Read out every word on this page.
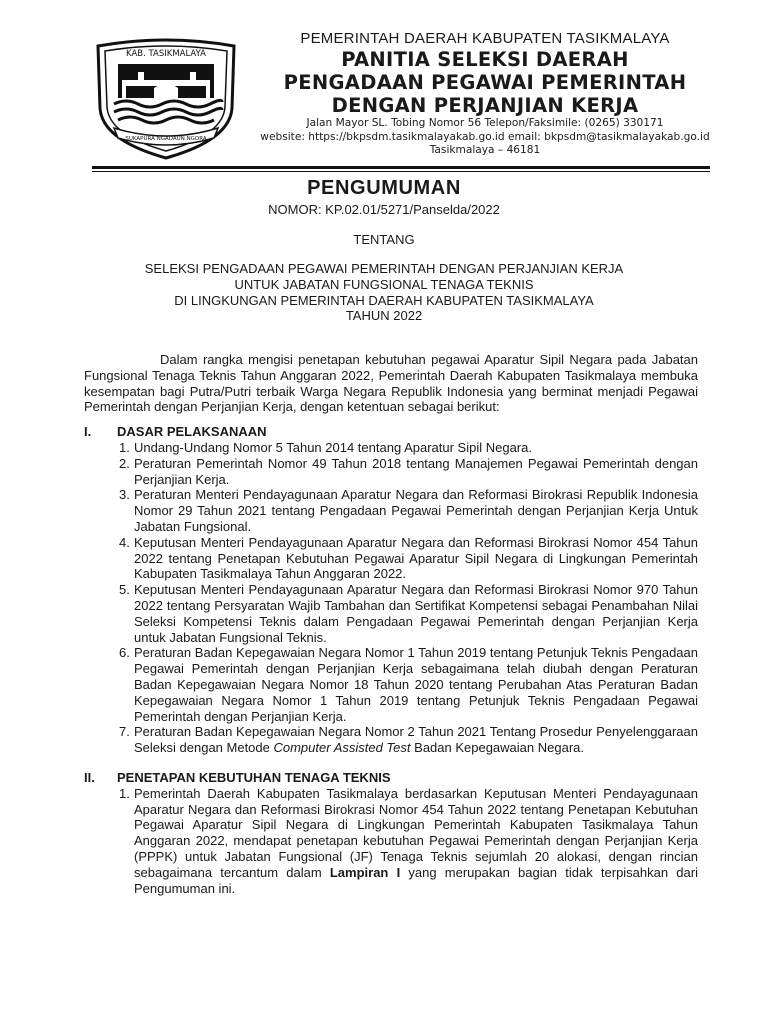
KAB. TASIKMALAYA
SUKAPURA NGADAUN NGORA
PEMERINTAH DAERAH KABUPATEN TASIKMALAYA
PANITIA SELEKSI DAERAH
PENGADAAN PEGAWAI PEMERINTAH
DENGAN PERJANJIAN KERJA
Jalan Mayor SL. Tobing Nomor 56 Telepon/Faksimile: (0265) 330171
website: https://bkpsdm.tasikmalayakab.go.id email: bkpsdm@tasikmalayakab.go.id
Tasikmalaya – 46181
PENGUMUMAN
NOMOR: KP.02.01/5271/Panselda/2022
TENTANG
SELEKSI PENGADAAN PEGAWAI PEMERINTAH DENGAN PERJANJIAN KERJA
UNTUK JABATAN FUNGSIONAL TENAGA TEKNIS
DI LINGKUNGAN PEMERINTAH DAERAH KABUPATEN TASIKMALAYA
TAHUN 2022

Dalam rangka mengisi penetapan kebutuhan pegawai Aparatur Sipil Negara pada Jabatan Fungsional Tenaga Teknis Tahun Anggaran 2022, Pemerintah Daerah Kabupaten Tasikmalaya membuka kesempatan bagi Putra/Putri terbaik Warga Negara Republik Indonesia yang berminat menjadi Pegawai Pemerintah dengan Perjanjian Kerja, dengan ketentuan sebagai berikut:

I.	DASAR PELAKSANAAN
1. Undang-Undang Nomor 5 Tahun 2014 tentang Aparatur Sipil Negara.
2. Peraturan Pemerintah Nomor 49 Tahun 2018 tentang Manajemen Pegawai Pemerintah dengan Perjanjian Kerja.
3. Peraturan Menteri Pendayagunaan Aparatur Negara dan Reformasi Birokrasi Republik Indonesia Nomor 29 Tahun 2021 tentang Pengadaan Pegawai Pemerintah dengan Perjanjian Kerja Untuk Jabatan Fungsional.
4. Keputusan Menteri Pendayagunaan Aparatur Negara dan Reformasi Birokrasi Nomor 454 Tahun 2022 tentang Penetapan Kebutuhan Pegawai Aparatur Sipil Negara di Lingkungan Pemerintah Kabupaten Tasikmalaya Tahun Anggaran 2022.
5. Keputusan Menteri Pendayagunaan Aparatur Negara dan Reformasi Birokrasi Nomor 970 Tahun 2022 tentang Persyaratan Wajib Tambahan dan Sertifikat Kompetensi sebagai Penambahan Nilai Seleksi Kompetensi Teknis dalam Pengadaan Pegawai Pemerintah dengan Perjanjian Kerja untuk Jabatan Fungsional Teknis.
6. Peraturan Badan Kepegawaian Negara Nomor 1 Tahun 2019 tentang Petunjuk Teknis Pengadaan Pegawai Pemerintah dengan Perjanjian Kerja sebagaimana telah diubah dengan Peraturan Badan Kepegawaian Negara Nomor 18 Tahun 2020 tentang Perubahan Atas Peraturan Badan Kepegawaian Negara Nomor 1 Tahun 2019 tentang Petunjuk Teknis Pengadaan Pegawai Pemerintah dengan Perjanjian Kerja.
7. Peraturan Badan Kepegawaian Negara Nomor 2 Tahun 2021 Tentang Prosedur Penyelenggaraan Seleksi dengan Metode Computer Assisted Test Badan Kepegawaian Negara.
II.	PENETAPAN KEBUTUHAN TENAGA TEKNIS
1. Pemerintah Daerah Kabupaten Tasikmalaya berdasarkan Keputusan Menteri Pendayagunaan Aparatur Negara dan Reformasi Birokrasi Nomor 454 Tahun 2022 tentang Penetapan Kebutuhan Pegawai Aparatur Sipil Negara di Lingkungan Pemerintah Kabupaten Tasikmalaya Tahun Anggaran 2022, mendapat penetapan kebutuhan Pegawai Pemerintah dengan Perjanjian Kerja (PPPK) untuk Jabatan Fungsional (JF) Tenaga Teknis sejumlah 20 alokasi, dengan rincian sebagaimana tercantum dalam Lampiran I yang merupakan bagian tidak terpisahkan dari Pengumuman ini.
